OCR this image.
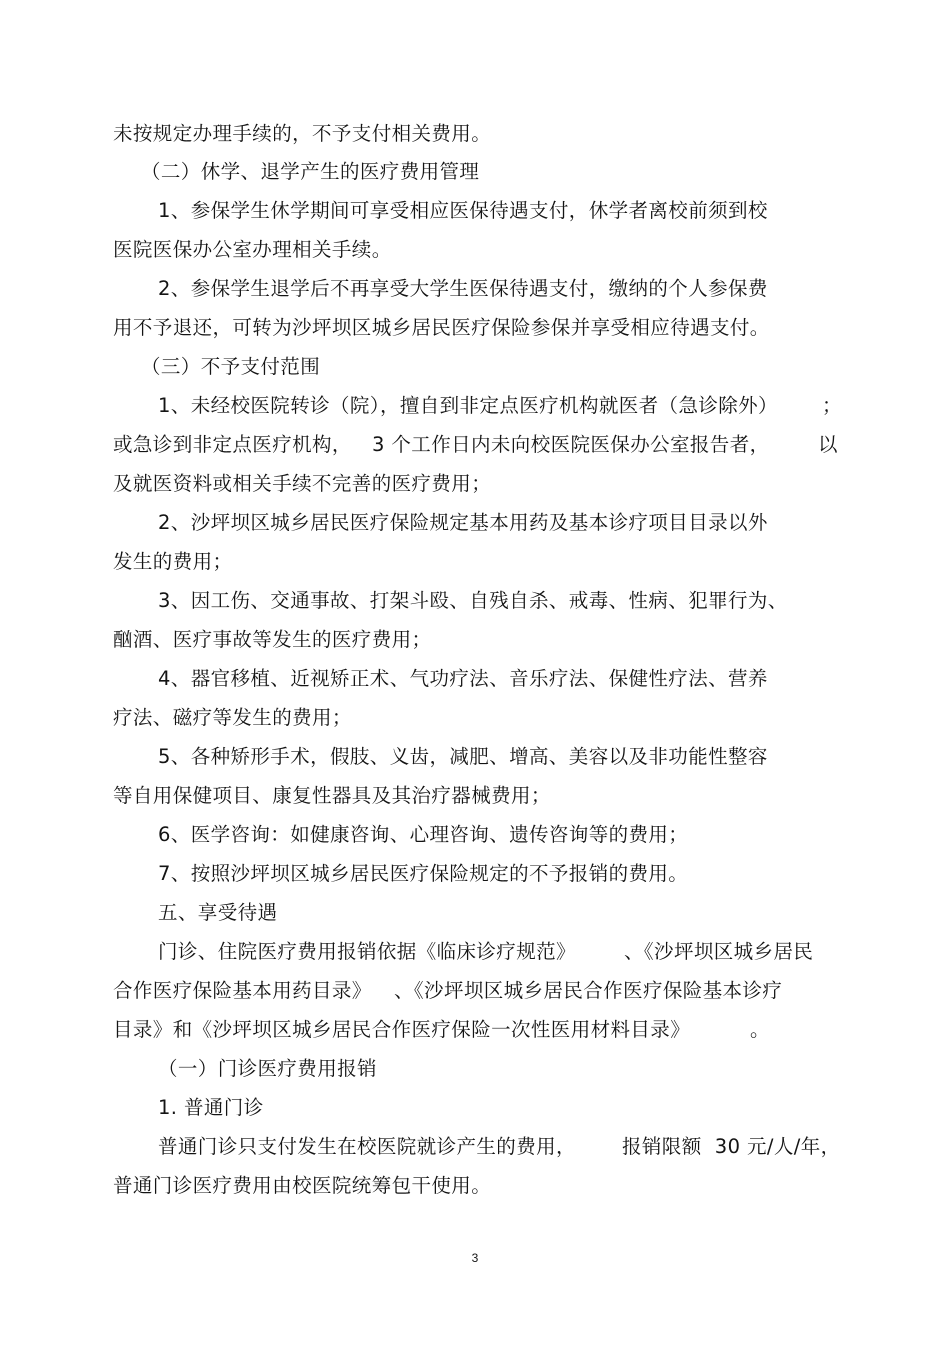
未按规定办理手续的，不予支付相关费用。
（二）休学、退学产生的医疗费用管理
1、参保学生休学期间可享受相应医保待遇支付，休学者离校前须到校
医院医保办公室办理相关手续。
2、参保学生退学后不再享受大学生医保待遇支付，缴纳的个人参保费
用不予退还，可转为沙坪坝区城乡居民医疗保险参保并享受相应待遇支付。
（三）不予支付范围
1、未经校医院转诊（院），擅自到非定点医疗机构就医者（急诊除外） ；
或急诊到非定点医疗机构， 3 个工作日内未向校医院医保办公室报告者， 以
及就医资料或相关手续不完善的医疗费用；
2、沙坪坝区城乡居民医疗保险规定基本用药及基本诊疗项目目录以外
发生的费用；
3、因工伤、交通事故、打架斗殴、自残自杀、戒毒、性病、犯罪行为、
酗酒、医疗事故等发生的医疗费用；
4、器官移植、近视矫正术、气功疗法、音乐疗法、保健性疗法、营养
疗法、磁疗等发生的费用；
5、各种矫形手术，假肢、义齿，减肥、增高、美容以及非功能性整容
等自用保健项目、康复性器具及其治疗器械费用；
6、医学咨询：如健康咨询、心理咨询、遗传咨询等的费用；
7、按照沙坪坝区城乡居民医疗保险规定的不予报销的费用。
五、享受待遇
门诊、住院医疗费用报销依据《临床诊疗规范》 、《沙坪坝区城乡居民
合作医疗保险基本用药目录》 、《沙坪坝区城乡居民合作医疗保险基本诊疗
目录》和《沙坪坝区城乡居民合作医疗保险一次性医用材料目录》	。
（一）门诊医疗费用报销
1. 普通门诊
普通门诊只支付发生在校医院就诊产生的费用， 报销限额  30 元/人/年，
普通门诊医疗费用由校医院统筹包干使用。
3
